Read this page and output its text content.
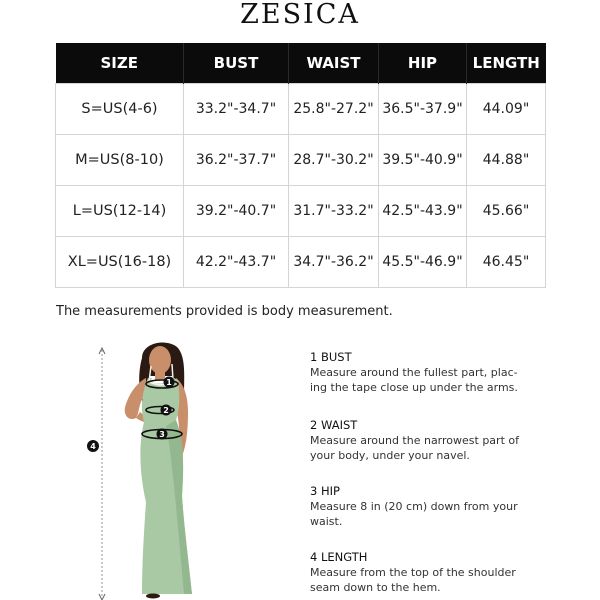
ZESICA
SIZE	BUST	WAIST	HIP	LENGTH
S=US(4-6)	33.2"-34.7"	25.8"-27.2"	36.5"-37.9"	44.09"
M=US(8-10)	36.2"-37.7"	28.7"-30.2"	39.5"-40.9"	44.88"
L=US(12-14)	39.2"-40.7"	31.7"-33.2"	42.5"-43.9"	45.66"
XL=US(16-18)	42.2"-43.7"	34.7"-36.2"	45.5"-46.9"	46.45"
The measurements provided is body measurement.
1
2
3
4
1 BUST
Measure around the fullest part, plac-
ing the tape close up under the arms.
2 WAIST
Measure around the narrowest part of
your body, under your navel.
3 HIP
Measure 8 in (20 cm) down from your
waist.
4 LENGTH
Measure from the top of the shoulder
seam down to the hem.
